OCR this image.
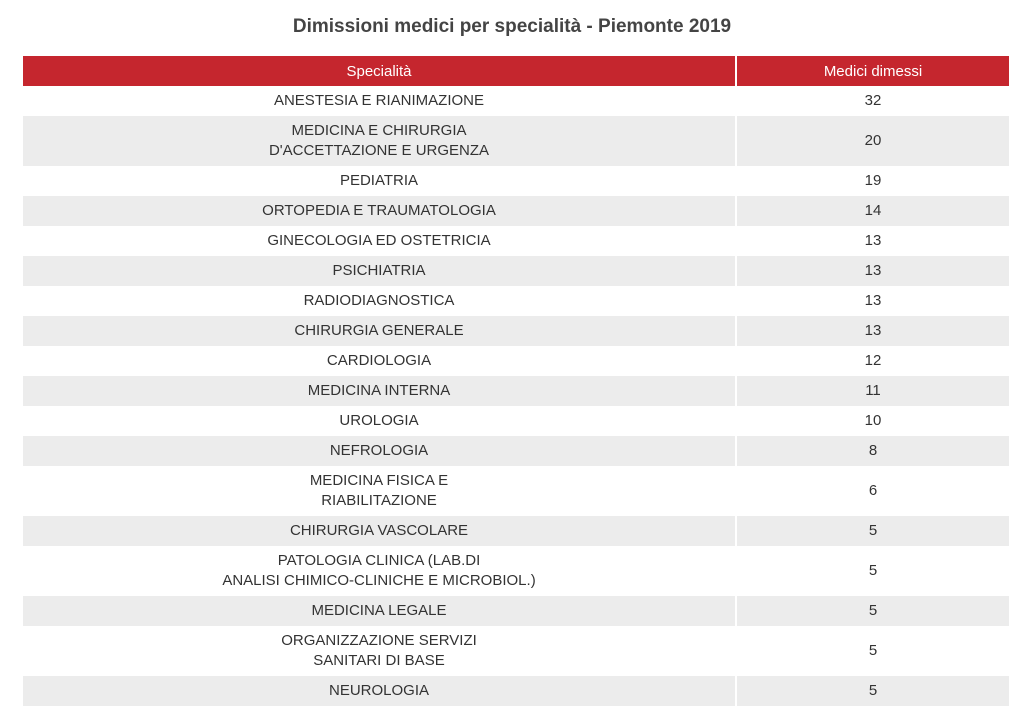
Dimissioni medici per specialità - Piemonte 2019
Specialità	Medici dimessi

ANESTESIA E RIANIMAZIONE	32

MEDICINA E CHIRURGIA
D'ACCETTAZIONE E URGENZA	20

PEDIATRIA	19

ORTOPEDIA E TRAUMATOLOGIA	14

GINECOLOGIA ED OSTETRICIA	13

PSICHIATRIA	13

RADIODIAGNOSTICA	13

CHIRURGIA GENERALE	13

CARDIOLOGIA	12

MEDICINA INTERNA	11

UROLOGIA	10

NEFROLOGIA	8

MEDICINA FISICA E
RIABILITAZIONE	6

CHIRURGIA VASCOLARE	5

PATOLOGIA CLINICA (LAB.DI
ANALISI CHIMICO-CLINICHE E MICROBIOL.)	5

MEDICINA LEGALE	5

ORGANIZZAZIONE SERVIZI
SANITARI DI BASE	5

NEUROLOGIA	5
